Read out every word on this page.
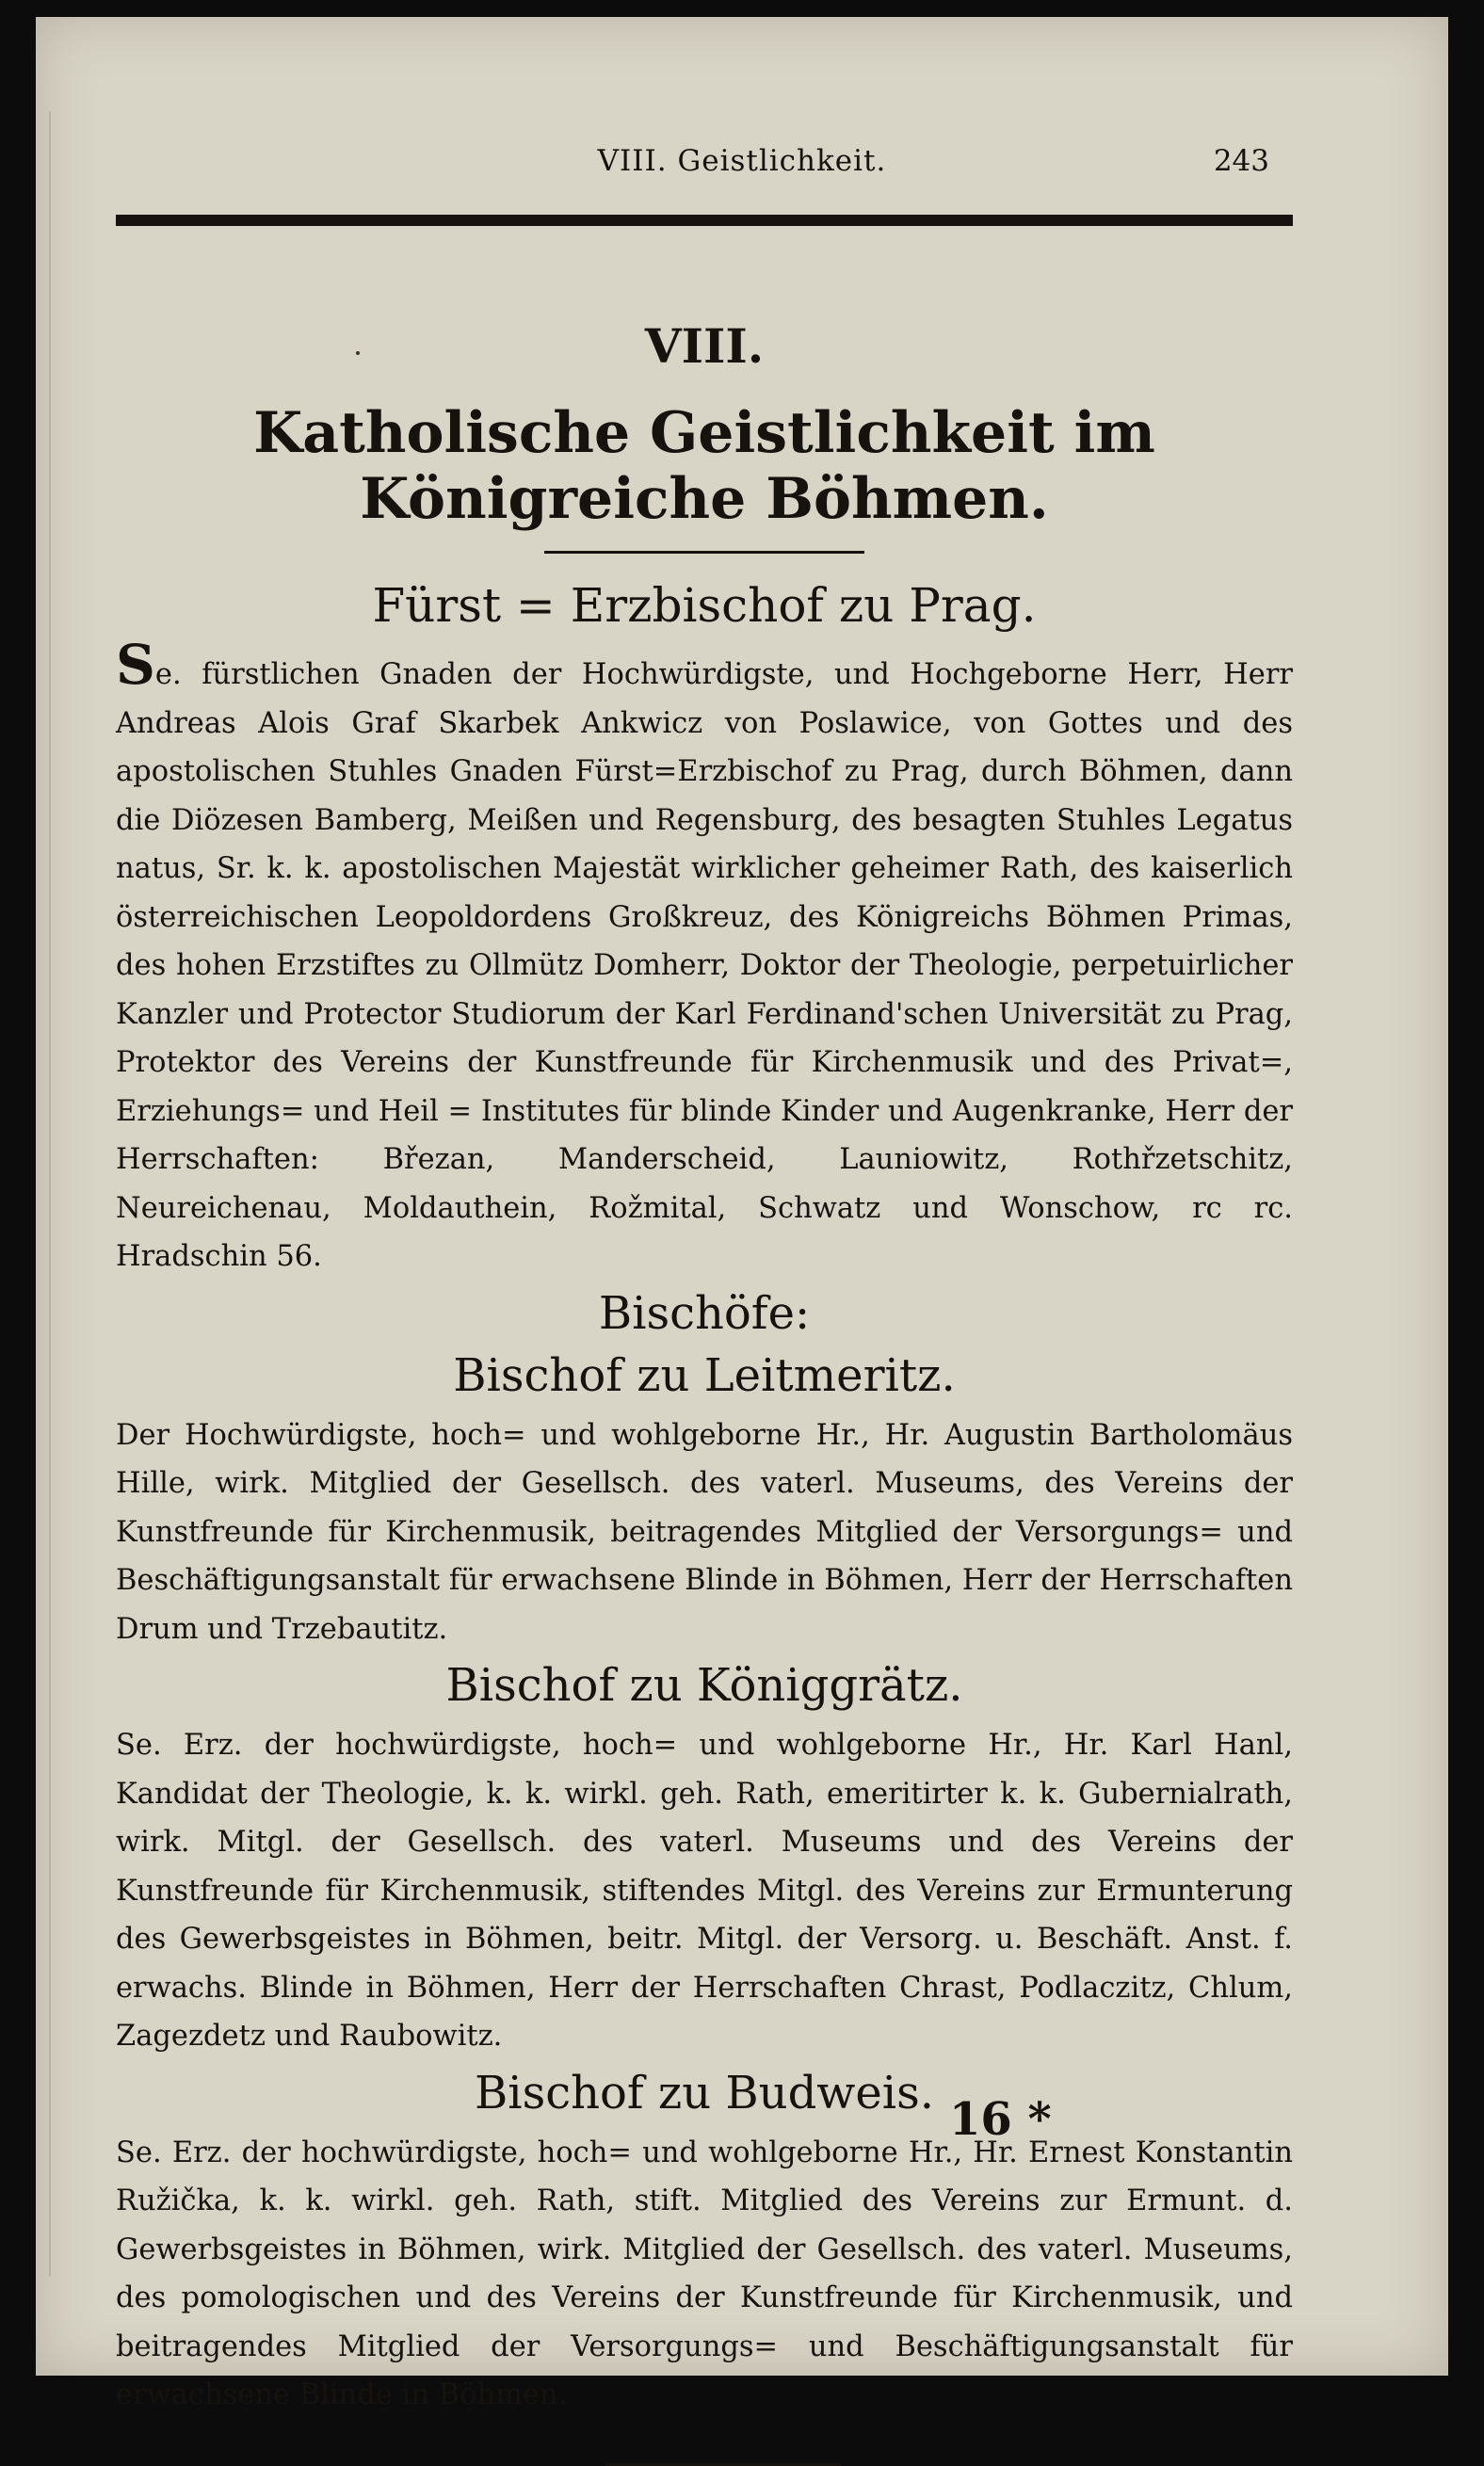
VIII. Geistlichkeit.	243
VIII.
Katholische Geistlichkeit im Königreiche Böhmen.
Fürst = Erzbischof zu Prag.

Se. fürstlichen Gnaden der Hochwürdigste, und Hochgeborne Herr, Herr Andreas Alois Graf Skarbek Ankwicz von Poslawice, von Gottes und des apostolischen Stuhles Gnaden Fürst=Erzbischof zu Prag, durch Böhmen, dann die Diözesen Bamberg, Meißen und Regensburg, des besagten Stuhles Legatus natus, Sr. k. k. apostolischen Majestät wirklicher geheimer Rath, des kaiserlich österreichischen Leopoldordens Großkreuz, des Königreichs Böhmen Primas, des hohen Erzstiftes zu Ollmütz Domherr, Doktor der Theologie, perpetuirlicher Kanzler und Protector Studiorum der Karl Ferdinand'schen Universität zu Prag, Protektor des Vereins der Kunstfreunde für Kirchenmusik und des Privat=, Erziehungs= und Heil = Institutes für blinde Kinder und Augenkranke, Herr der Herrschaften: Březan, Manderscheid, Launiowitz, Rothřzetschitz, Neureichenau, Moldauthein, Rožmital, Schwatz und Wonschow, rc rc. Hradschin 56.

Bischöfe:
Bischof zu Leitmeritz.

Der Hochwürdigste, hoch= und wohlgeborne Hr., Hr. Augustin Bartholomäus Hille, wirk. Mitglied der Gesellsch. des vaterl. Museums, des Vereins der Kunstfreunde für Kirchenmusik, beitragendes Mitglied der Versorgungs= und Beschäftigungsanstalt für erwachsene Blinde in Böhmen, Herr der Herrschaften Drum und Trzebautitz.

Bischof zu Königgrätz.

Se. Erz. der hochwürdigste, hoch= und wohlgeborne Hr., Hr. Karl Hanl, Kandidat der Theologie, k. k. wirkl. geh. Rath, emeritirter k. k. Gubernialrath, wirk. Mitgl. der Gesellsch. des vaterl. Museums und des Vereins der Kunstfreunde für Kirchenmusik, stiftendes Mitgl. des Vereins zur Ermunterung des Gewerbsgeistes in Böhmen, beitr. Mitgl. der Versorg. u. Beschäft. Anst. f. erwachs. Blinde in Böhmen, Herr der Herrschaften Chrast, Podlaczitz, Chlum, Zagezdetz und Raubowitz.

Bischof zu Budweis.

Se. Erz. der hochwürdigste, hoch= und wohlgeborne Hr., Hr. Ernest Konstantin Ružička, k. k. wirkl. geh. Rath, stift. Mitglied des Vereins zur Ermunt. d. Gewerbsgeistes in Böhmen, wirk. Mitglied der Gesellsch. des vaterl. Museums, des pomologischen und des Vereins der Kunstfreunde für Kirchenmusik, und beitragendes Mitglied der Versorgungs= und Beschäftigungsanstalt für erwachsene Blinde in Böhmen.

16 *
